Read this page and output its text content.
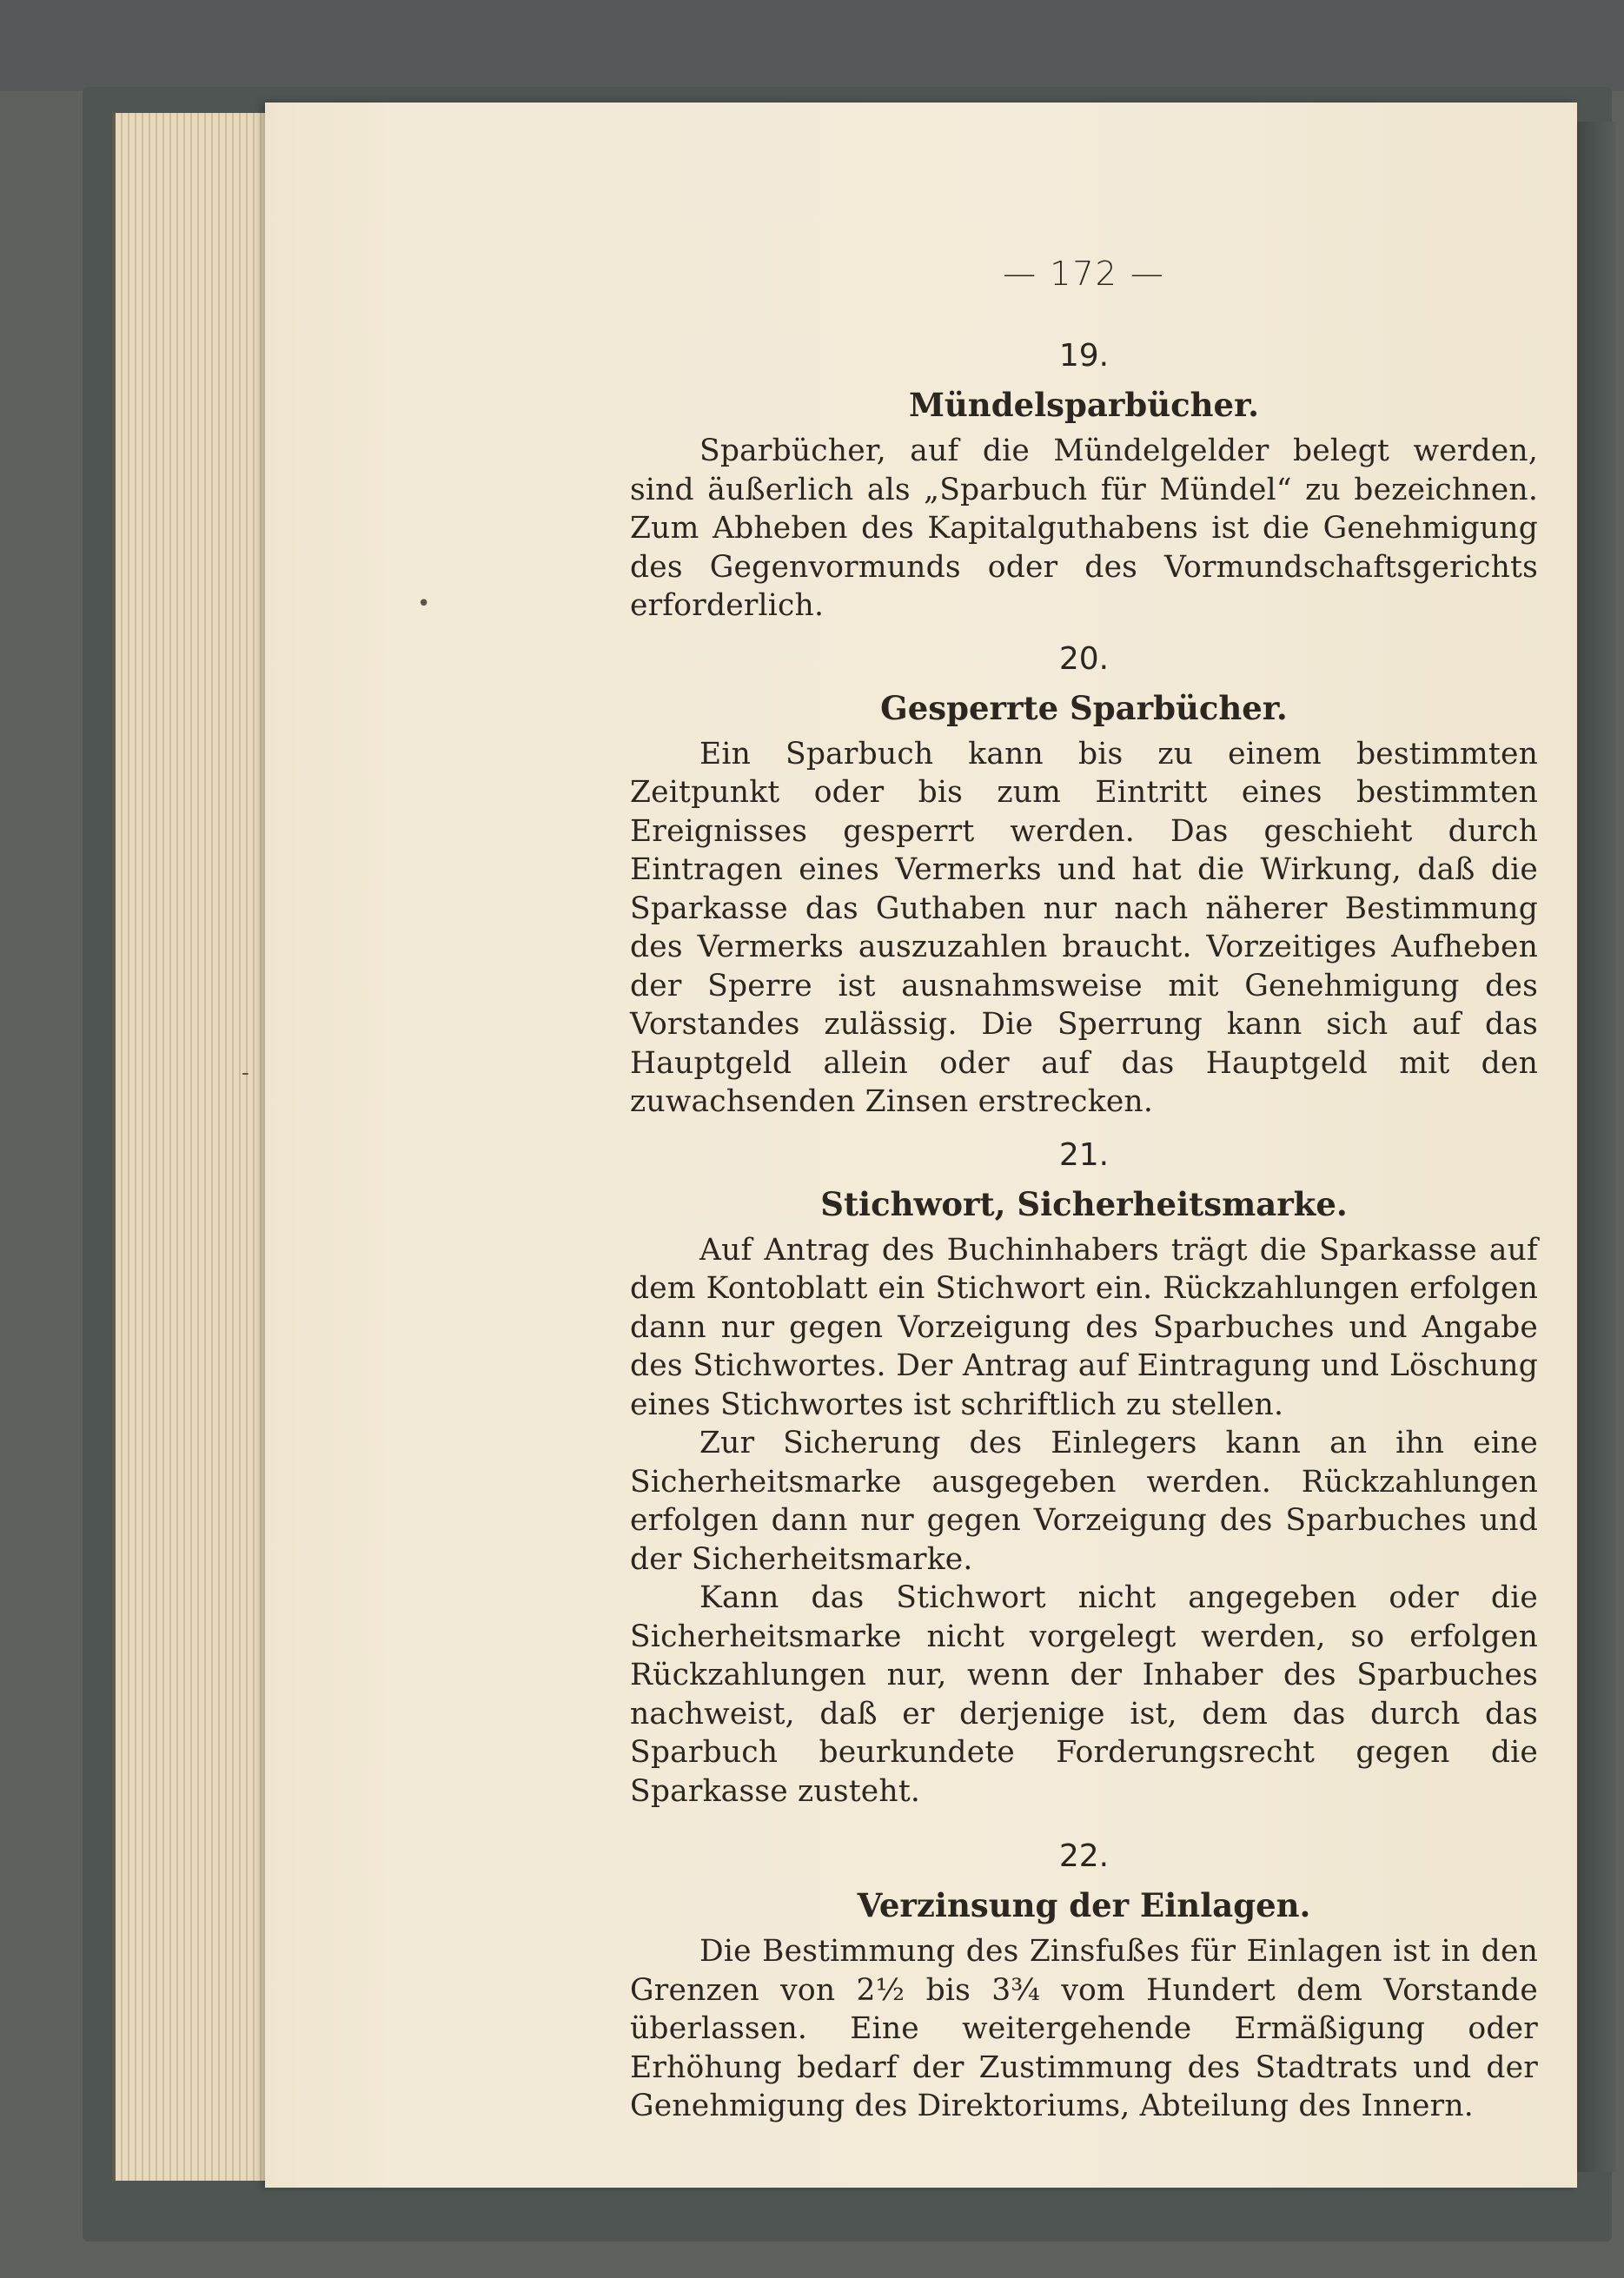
•
-
— 172 —
19.
Mündelsparbücher.

Sparbücher, auf die Mündelgelder belegt werden, sind äußerlich als „Sparbuch für Mündel“ zu bezeichnen. Zum Abheben des Kapitalguthabens ist die Genehmigung des Gegenvormunds oder des Vormundschaftsgerichts erforderlich.

20.
Gesperrte Sparbücher.

Ein Sparbuch kann bis zu einem bestimmten Zeitpunkt oder bis zum Eintritt eines bestimmten Ereignisses gesperrt werden. Das geschieht durch Eintragen eines Vermerks und hat die Wirkung, daß die Sparkasse das Guthaben nur nach näherer Bestimmung des Vermerks auszuzahlen braucht. Vorzeitiges Aufheben der Sperre ist ausnahmsweise mit Genehmigung des Vorstandes zulässig. Die Sperrung kann sich auf das Hauptgeld allein oder auf das Hauptgeld mit den zuwachsenden Zinsen erstrecken.

21.
Stichwort, Sicherheitsmarke.

Auf Antrag des Buchinhabers trägt die Sparkasse auf dem Kontoblatt ein Stichwort ein. Rückzahlungen erfolgen dann nur gegen Vorzeigung des Sparbuches und Angabe des Stichwortes. Der Antrag auf Eintragung und Löschung eines Stichwortes ist schriftlich zu stellen.

Zur Sicherung des Einlegers kann an ihn eine Sicherheitsmarke ausgegeben werden. Rückzahlungen erfolgen dann nur gegen Vorzeigung des Sparbuches und der Sicherheitsmarke.

Kann das Stichwort nicht angegeben oder die Sicherheitsmarke nicht vorgelegt werden, so erfolgen Rückzahlungen nur, wenn der Inhaber des Sparbuches nachweist, daß er derjenige ist, dem das durch das Sparbuch beurkundete Forderungsrecht gegen die Sparkasse zusteht.

22.
Verzinsung der Einlagen.

Die Bestimmung des Zinsfußes für Einlagen ist in den Grenzen von 2½ bis 3¾ vom Hundert dem Vorstande überlassen. Eine weitergehende Ermäßigung oder Erhöhung bedarf der Zustimmung des Stadtrats und der Genehmigung des Direktoriums, Abteilung des Innern.
